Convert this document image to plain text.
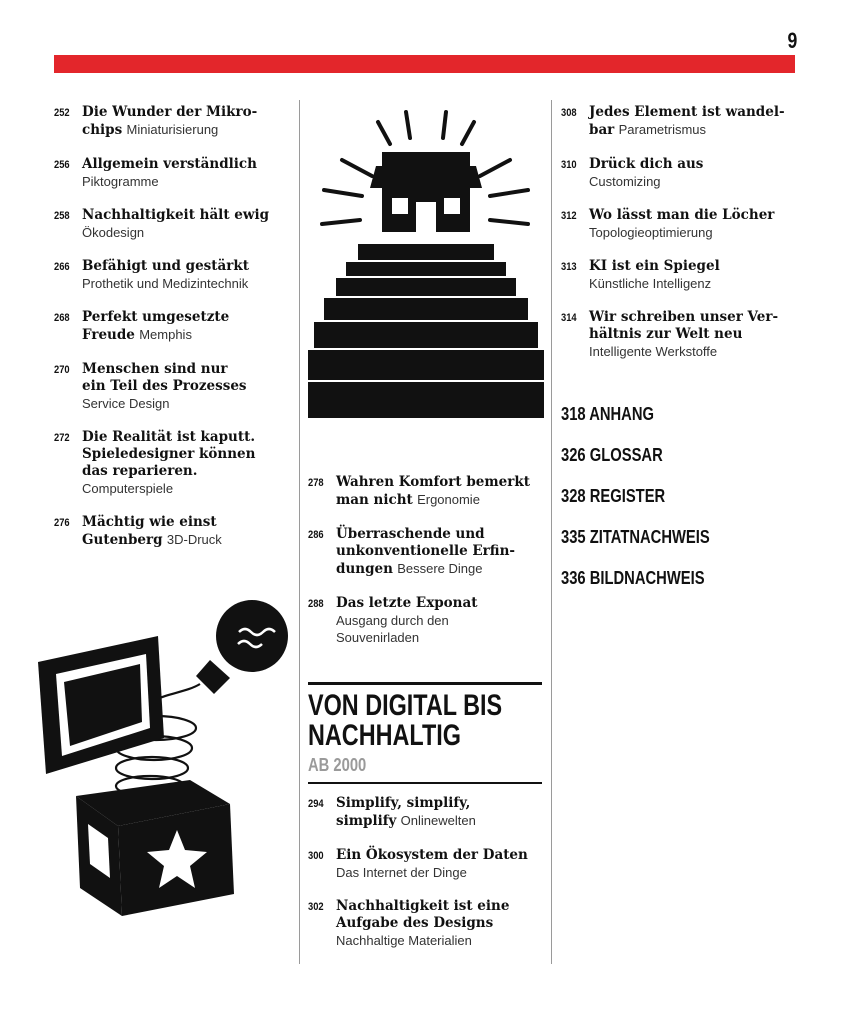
9
252 Die Wunder der Mikro-
chips Miniaturisierung
256 Allgemein verständlich
Piktogramme
258 Nachhaltigkeit hält ewig
Ökodesign
266 Befähigt und gestärkt
Prothetik und Medizintechnik
268 Perfekt umgesetzte
Freude Memphis
270 Menschen sind nur
ein Teil des Prozesses
Service Design
272 Die Realität ist kaputt.
Spieledesigner können
das reparieren.
Computerspiele
276 Mächtig wie einst
Gutenberg 3D-Druck
278 Wahren Komfort bemerkt
man nicht Ergonomie
286 Überraschende und
unkonventionelle Erfin-
dungen Bessere Dinge
288 Das letzte Exponat
Ausgang durch den
Souvenirladen
294 Simplify, simplify,
simplify Onlinewelten
300 Ein Ökosystem der Daten
Das Internet der Dinge
302 Nachhaltigkeit ist eine
Aufgabe des Designs
Nachhaltige Materialien
308 Jedes Element ist wandel-
bar Parametrismus
310 Drück dich aus
Customizing
312 Wo lässt man die Löcher
Topologieoptimierung
313 KI ist ein Spiegel
Künstliche Intelligenz
314 Wir schreiben unser Ver-
hältnis zur Welt neu
Intelligente Werkstoffe
VON DIGITAL BIS
NACHHALTIG
AB 2000
318 ANHANG
326 GLOSSAR
328 REGISTER
335 ZITATNACHWEIS
336 BILDNACHWEIS
